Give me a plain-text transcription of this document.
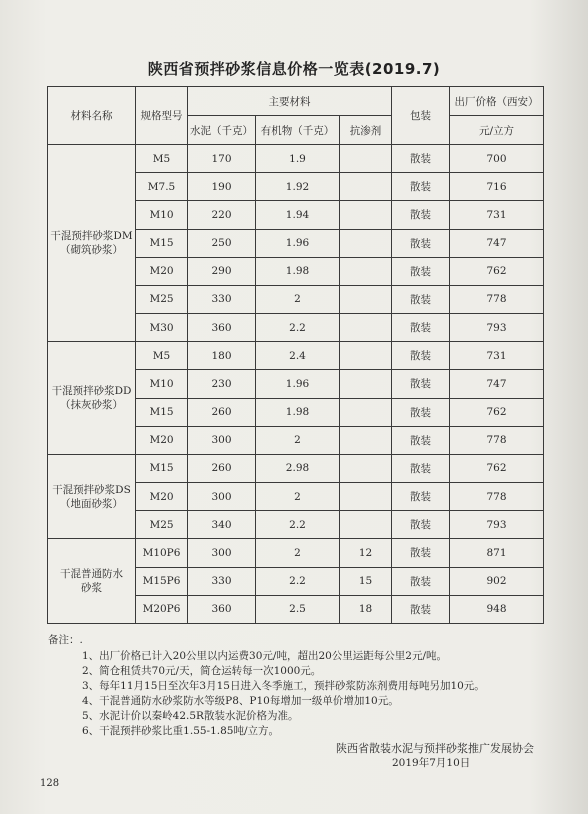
陕西省预拌砂浆信息价格一览表(2019.7)
材料名称	规格型号	主要材料			包装	出厂价格（西安）
		水泥（千克）	有机物（千克）	抗渗剂		元/立方
干混预拌砂浆DM
（砌筑砂浆）	M5	170	1.9		散装	700
	M7.5	190	1.92		散装	716
	M10	220	1.94		散装	731
	M15	250	1.96		散装	747
	M20	290	1.98		散装	762
	M25	330	2		散装	778
	M30	360	2.2		散装	793
干混预拌砂浆DD
（抹灰砂浆）	M5	180	2.4		散装	731
	M10	230	1.96		散装	747
	M15	260	1.98		散装	762
	M20	300	2		散装	778
干混预拌砂浆DS
（地面砂浆）	M15	260	2.98		散装	762
	M20	300	2		散装	778
	M25	340	2.2		散装	793
干混普通防水
砂浆	M10P6	300	2	12	散装	871
	M15P6	330	2.2	15	散装	902
	M20P6	360	2.5	18	散装	948
备注：.
1、出厂价格已计入20公里以内运费30元/吨，超出20公里运距每公里2元/吨。
2、简仓租赁共70元/天，简仓运转每一次1000元。
3、每年11月15日至次年3月15日进入冬季施工，预拌砂浆防冻剂费用每吨另加10元。
4、干混普通防水砂浆防水等级P8、P10每增加一级单价增加10元。
5、水泥计价以秦岭42.5R散装水泥价格为准。
6、干混预拌砂浆比重1.55-1.85吨/立方。
陕西省散装水泥与预拌砂浆推广发展协会
2019年7月10日
128
